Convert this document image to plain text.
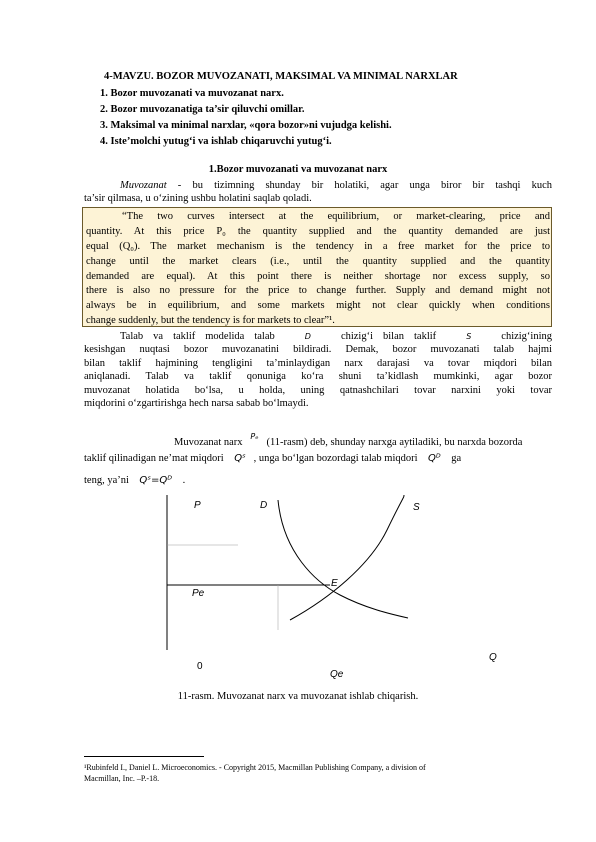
4-MAVZU. BOZOR MUVOZANATI, MAKSIMAL VA MINIMAL NARXLAR
1. Bozor muvozanati va muvozanat narx.
2. Bozor muvozanatiga ta’sir qiluvchi omillar.
3. Maksimal va minimal narxlar, «qora bozor»ni vujudga kelishi.
4. Iste’molchi yutug‘i va ishlab chiqaruvchi yutug‘i.
1.Bozor muvozanati va muvozanat narx
Muvozanat - bu tizimning shunday bir holatiki, agar unga biror bir tashqi kuch
ta’sir qilmasa, u o‘zining ushbu holatini saqlab qoladi.
“The two curves intersect at the equilibrium, or market-clearing, price and
quantity. At this price P₀ the quantity supplied and the quantity demanded are just
equal (Q₀). The market mechanism is the tendency in a free market for the price to
change until the market clears (i.e., until the quantity supplied and the quantity
demanded are equal). At this point there is neither shortage nor excess supply, so
there is also no pressure for the price to change further. Supply and demand might not
always be in equilibrium, and some markets might not clear quickly when conditions
change suddenly, but the tendency is for markets to clear”¹.
Talab va taklif modelida talab	D	chizig‘i bilan taklif	S	chizig‘ining
kesishgan nuqtasi bozor muvozanatini bildiradi. Demak, bozor muvozanati talab hajmi
bilan taklif hajmining tengligini ta’minlaydigan narx darajasi va tovar miqdori bilan
aniqlanadi. Talab va taklif qonuniga ko‘ra shuni ta’kidlash mumkinki, agar bozor
muvozanat holatida bo‘lsa, u holda, uning qatnashchilari tovar narxini yoki tovar
miqdorini o‘zgartirishga hech narsa sabab bo‘lmaydi.
Muvozanat narx   $^{P_e}$   (11-rasm) deb, shunday narxga aytiladiki, bu narxda bozorda
taklif qilinadigan ne’mat miqdori Qˢ , unga bo‘lgan bozordagi talab miqdori Qᴰ ga
teng, ya’ni Qˢ=Qᴰ .
P	D	S
E
Pe
0
Q
Qe
11-rasm. Muvozanat narx va muvozanat ishlab chiqarish.
¹Rubinfeld I., Daniel L. Microeconomics. - Copyright 2015, Macmillan Publishing Company, a division of
Macmillan, Inc. –P.-18.
